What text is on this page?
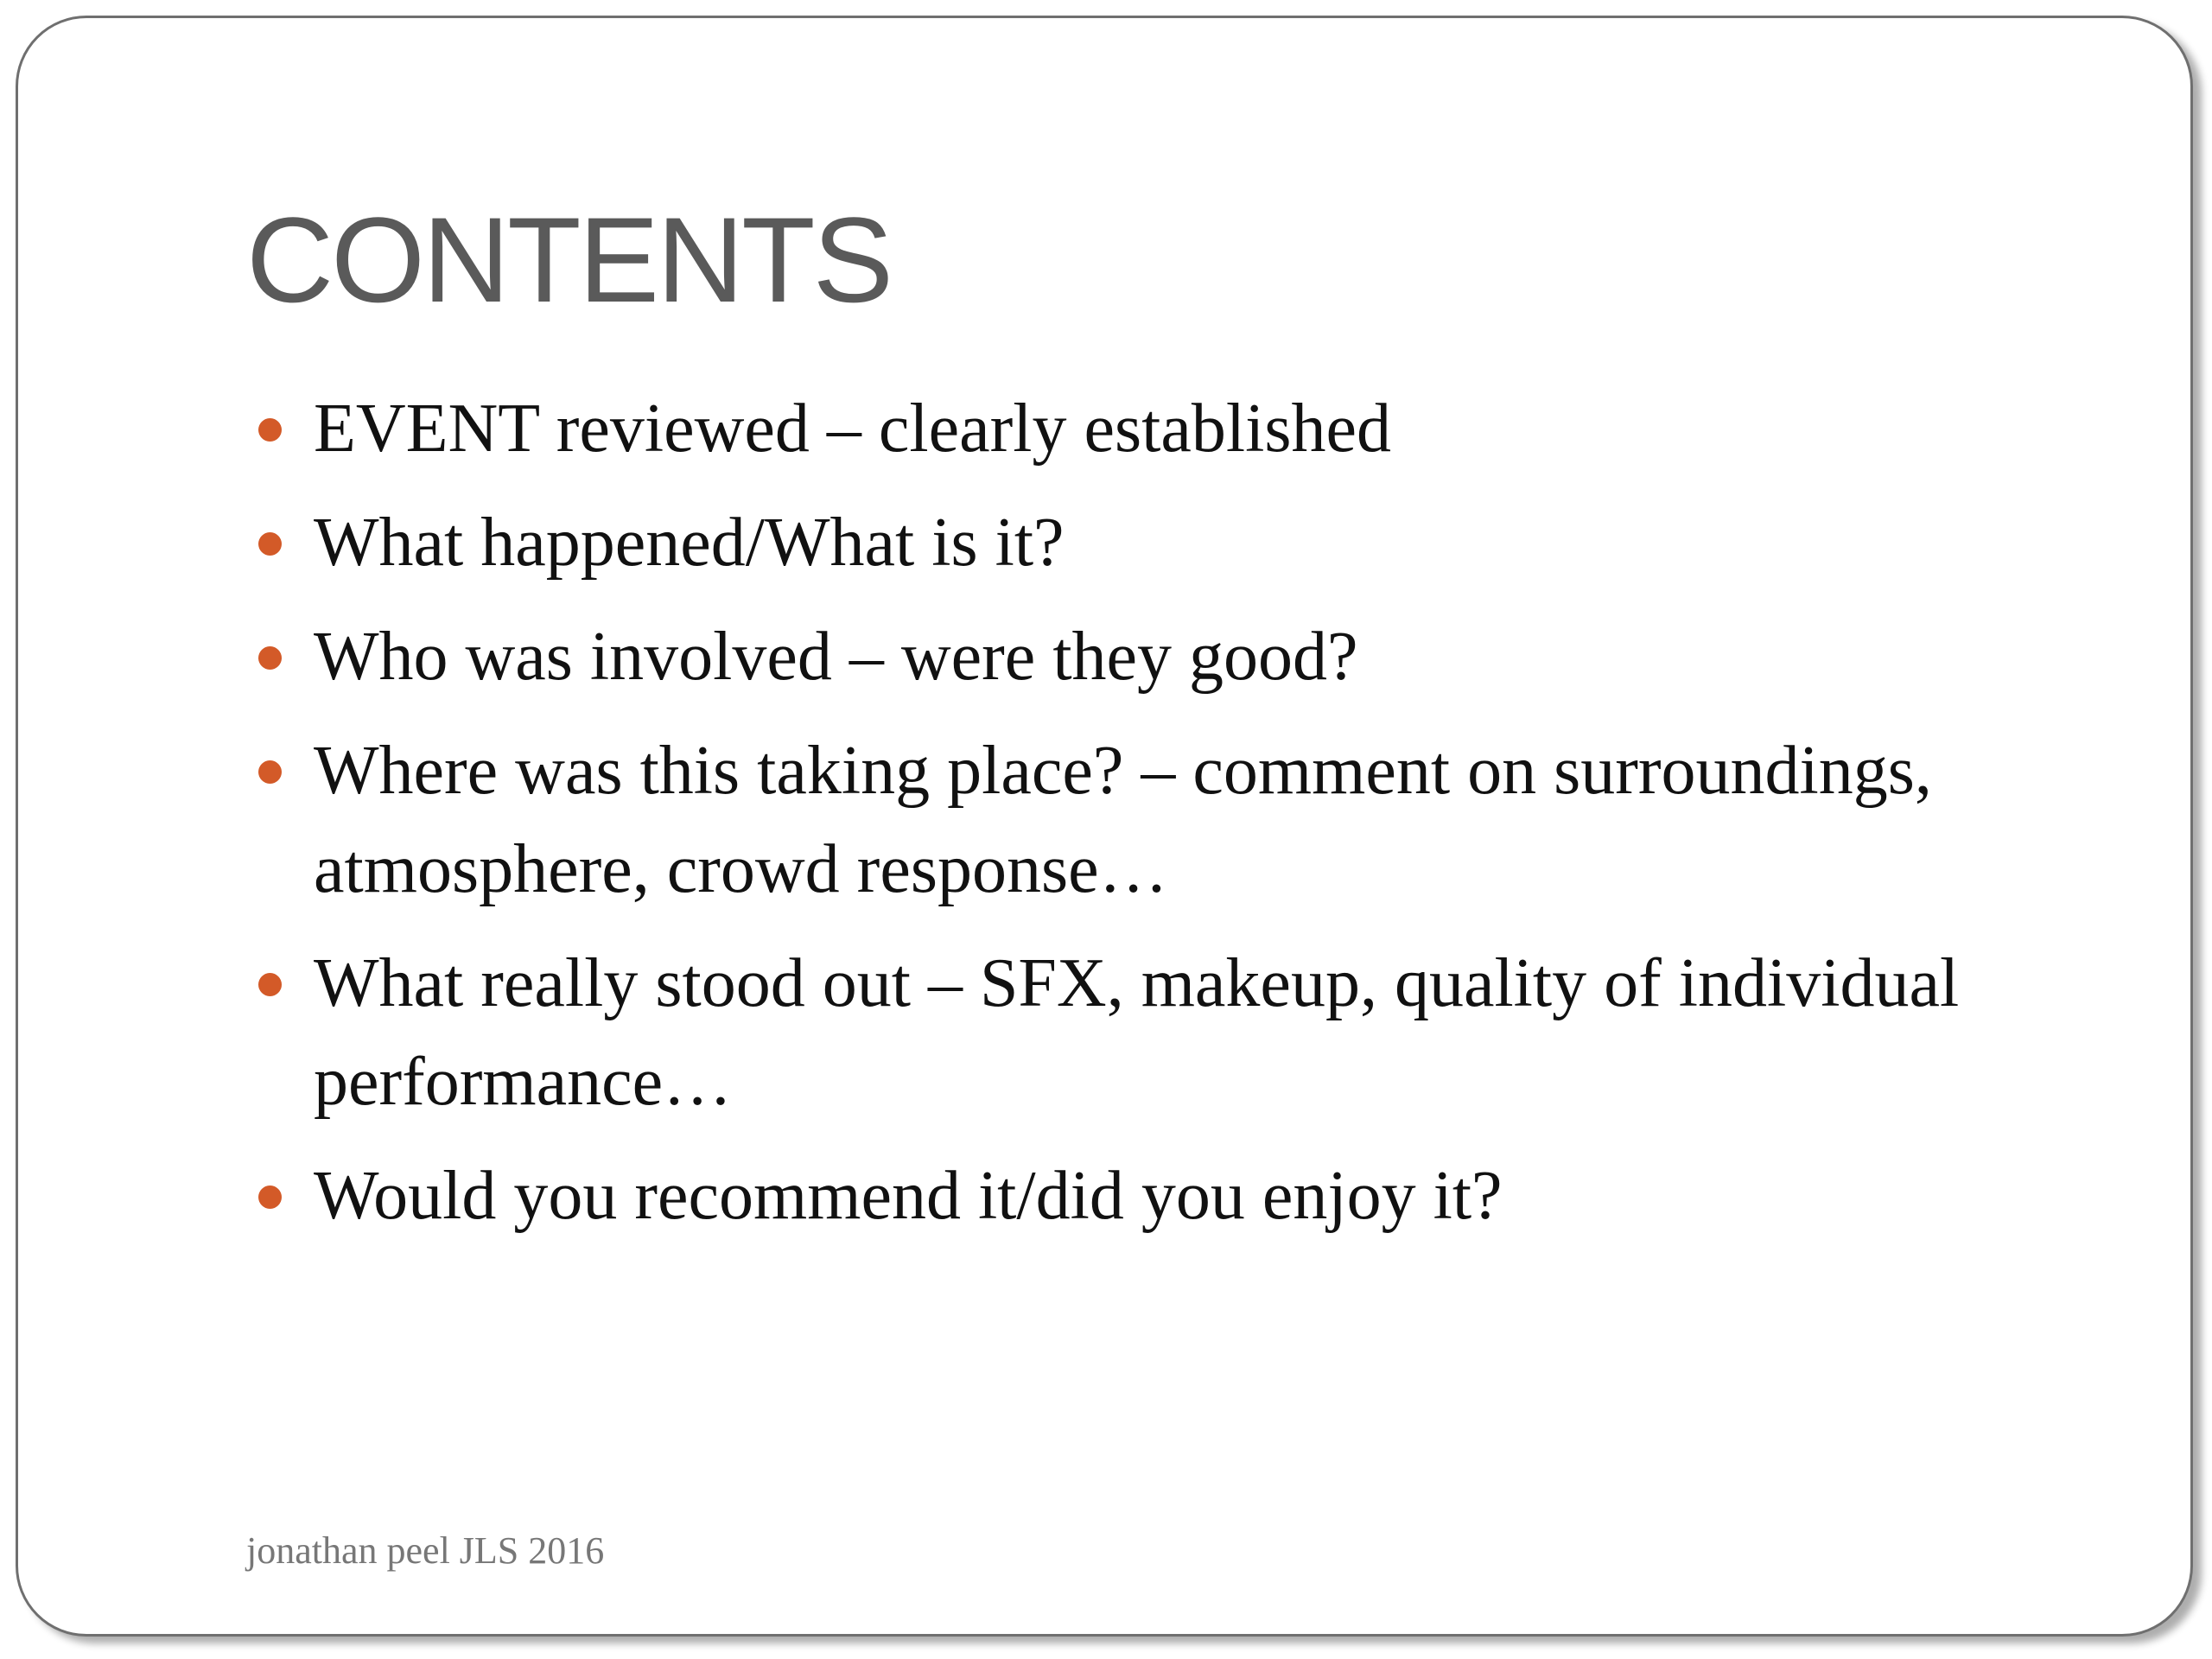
CONTENTS
EVENT reviewed – clearly established
What happened/What is it?
Who was involved – were they good?
Where was this taking place? – comment on surroundings, atmosphere, crowd response…
What really stood out – SFX, makeup, quality of individual performance…
Would you recommend it/did you enjoy it?
jonathan peel JLS 2016
